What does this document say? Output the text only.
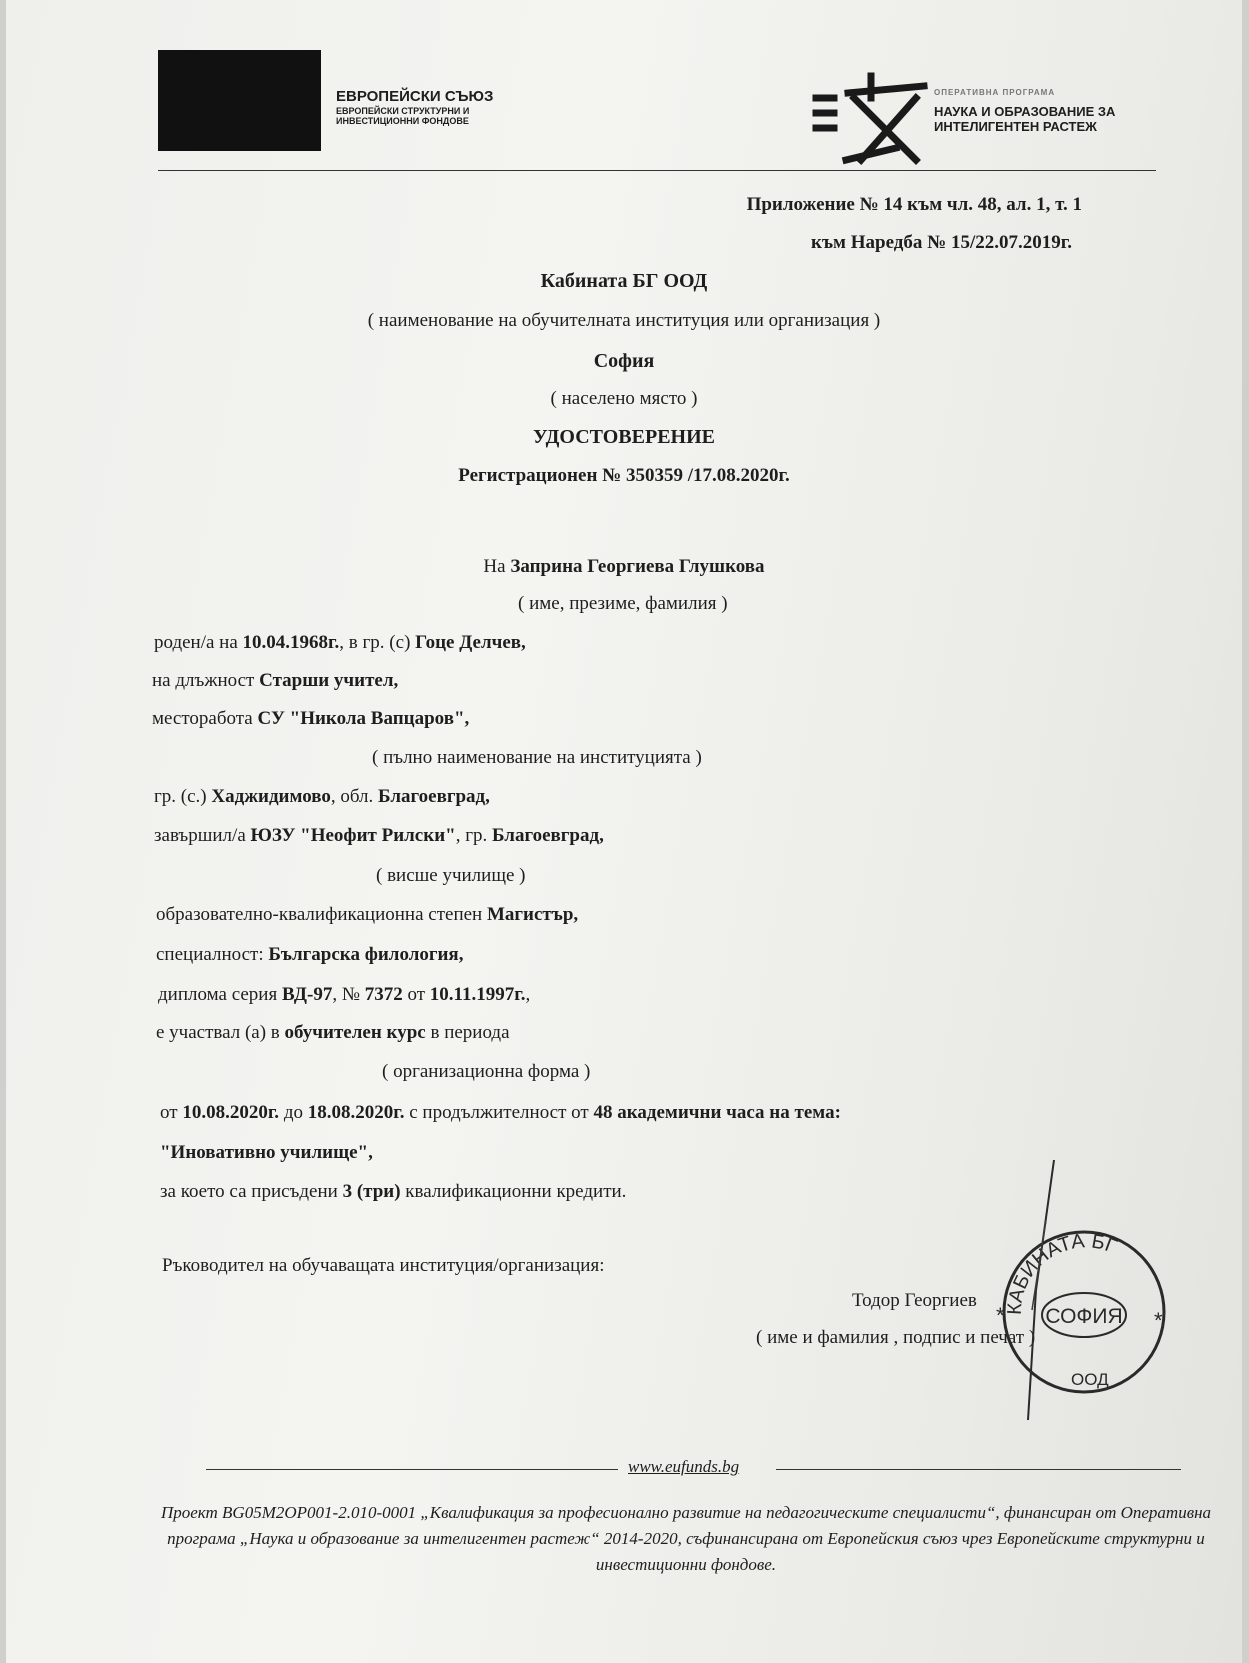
ЕВРОПЕЙСКИ СЪЮЗ
ЕВРОПЕЙСКИ СТРУКТУРНИ И
ИНВЕСТИЦИОННИ ФОНДОВЕ
ОПЕРАТИВНА ПРОГРАМА
НАУКА И ОБРАЗОВАНИЕ ЗА
ИНТЕЛИГЕНТЕН РАСТЕЖ
Приложение № 14 към чл. 48, ал. 1, т. 1
към Наредба № 15/22.07.2019г.
Кабината БГ ООД
( наименование на обучителната институция или организация )
София
( населено място )
УДОСТОВЕРЕНИЕ
Регистрационен № 350359 /17.08.2020г.
На Заприна Георгиева Глушкова
( име, презиме, фамилия )
роден/а на 10.04.1968г., в гр. (с) Гоце Делчев,
на длъжност Старши учител,
месторабота СУ "Никола Вапцаров",
( пълно наименование на институцията )
гр. (с.) Хаджидимово, обл. Благоевград,
завършил/а ЮЗУ "Неофит Рилски", гр. Благоевград,
( висше училище )
образователно-квалификационна степен Магистър,
специалност: Българска филология,
диплома серия ВД-97, № 7372 от 10.11.1997г.,
е участвал (а) в обучителен курс в периода
( организационна форма )
от 10.08.2020г. до 18.08.2020г. с продължителност от 48 академични часа на тема:
"Иновативно училище",
за което са присъдени 3 (три) квалификационни кредити.
Ръководител на обучаващата институция/организация:
Тодор Георгиев
( име и фамилия , подпис и печат )
КАБИНАТА БГ
СОФИЯ
ООД
*	*
www.eufunds.bg
Проект BG05M2OP001-2.010-0001 „Квалификация за професионално развитие на педагогическите специалисти“, финансиран от Оперативна програма „Наука и образование за интелигентен растеж“ 2014-2020, съфинансирана от Европейския съюз чрез Европейските структурни и инвестиционни фондове.
